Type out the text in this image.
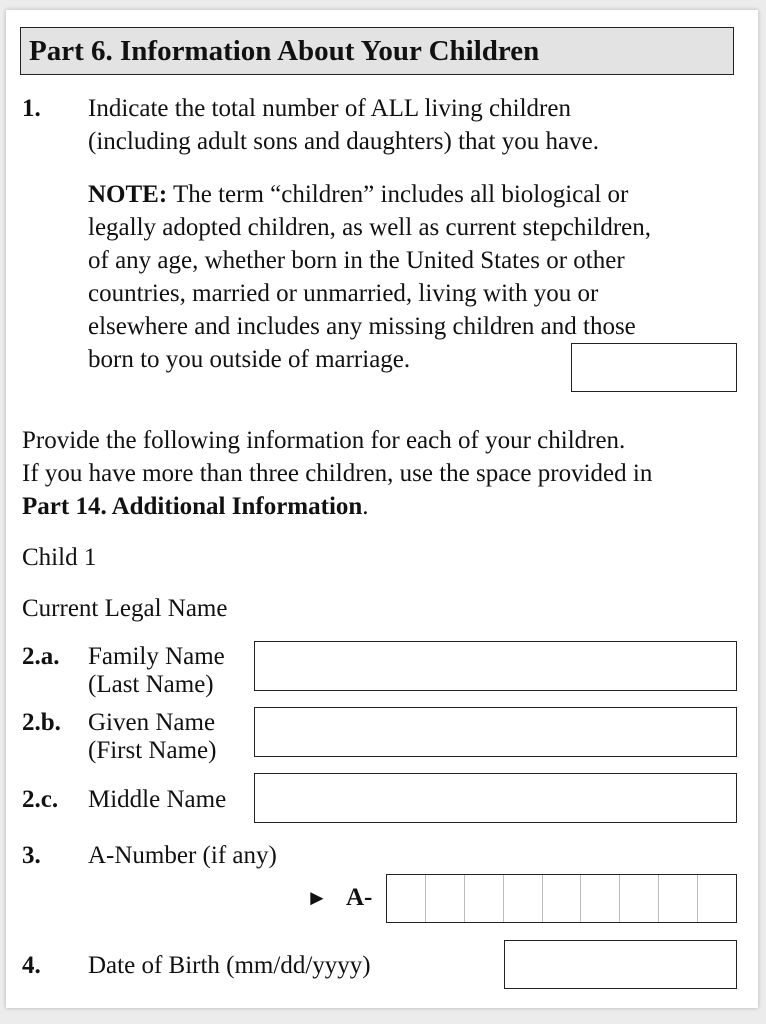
Part 6. Information About Your Children
1. Indicate the total number of ALL living children
(including adult sons and daughters) that you have.
NOTE: The term “children” includes all biological or
legally adopted children, as well as current stepchildren,
of any age, whether born in the United States or other
countries, married or unmarried, living with you or
elsewhere and includes any missing children and those
born to you outside of marriage.
Provide the following information for each of your children.
If you have more than three children, use the space provided in
Part 14. Additional Information.
Child 1
Current Legal Name
2.a. Family Name
(Last Name)
2.b. Given Name
(First Name)
2.c. Middle Name
3. A-Number (if any)
► A-
4. Date of Birth (mm/dd/yyyy)
